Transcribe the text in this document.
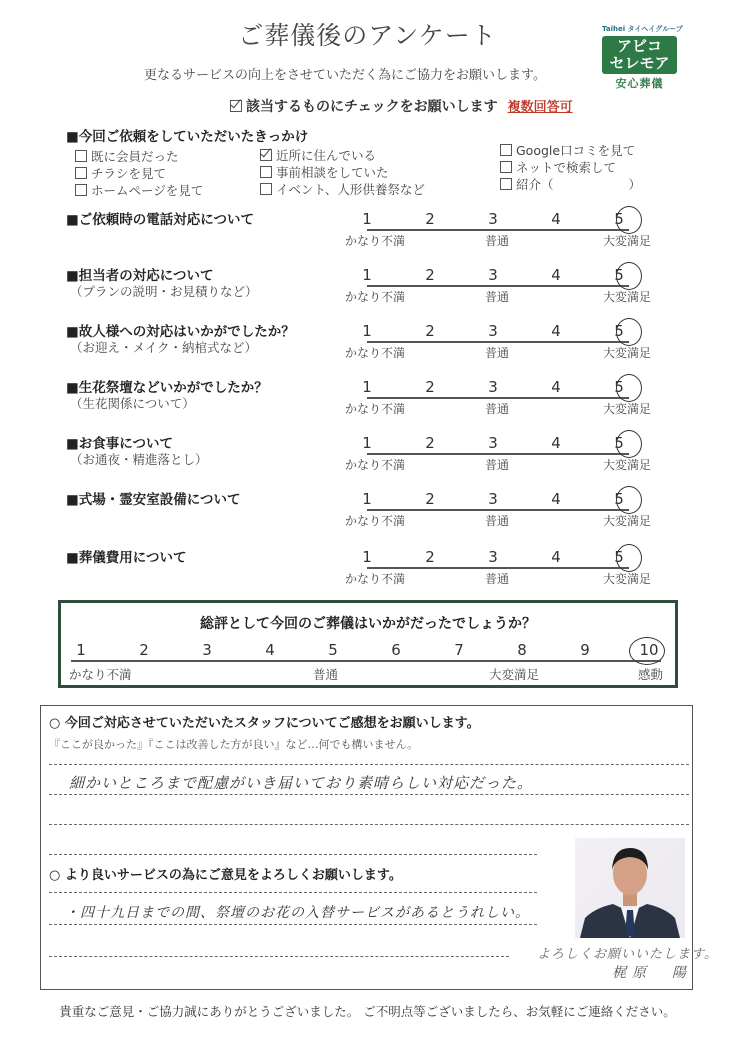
ご葬儀後のアンケート
更なるサービスの向上をさせていただく為にご協力をお願いします。
Taihei タイヘイグループ
アビコ
セレモア
安心葬儀
該当するものにチェックをお願いします 複数回答可
■今回ご依頼をしていただいたきっかけ
既に会員だった
チラシを見て
ホームページを見て
近所に住んでいる
事前相談をしていた
イベント、人形供養祭など
Google口コミを見て
ネットで検索して
紹介（　　　　　　）
■ご依頼時の電話対応について	1	2	3	4	5
かなり不満	普通	大変満足
■担当者の対応について
（プランの説明・お見積りなど）
1	2	3	4	5
かなり不満	普通	大変満足
■故人様への対応はいかがでしたか？
（お迎え・メイク・納棺式など）
1	2	3	4	5
かなり不満	普通	大変満足
■生花祭壇などいかがでしたか？
（生花関係について）
1	2	3	4	5
かなり不満	普通	大変満足
■お食事について
（お通夜・精進落とし）
1	2	3	4	5
かなり不満	普通	大変満足
■式場・霊安室設備について	1	2	3	4	5
かなり不満	普通	大変満足
■葬儀費用について	1	2	3	4	5
かなり不満	普通	大変満足
総評として今回のご葬儀はいかがだったでしょうか？
1	2	3	4	5	6	7	8	9	10
かなり不満	普通	大変満足	感動
○ 今回ご対応させていただいたスタッフについてご感想をお願いします。
『ここが良かった』『ここは改善した方が良い』など…何でも構いません。
細かいところまで配慮がいき届いており素晴らしい対応だった。
○ より良いサービスの為にご意見をよろしくお願いします。
・四十九日までの間、祭壇のお花の入替サービスがあるとうれしい。
よろしくお願いいたします。
梶原　陽
貴重なご意見・ご協力誠にありがとうございました。 ご不明点等ございましたら、お気軽にご連絡ください。
